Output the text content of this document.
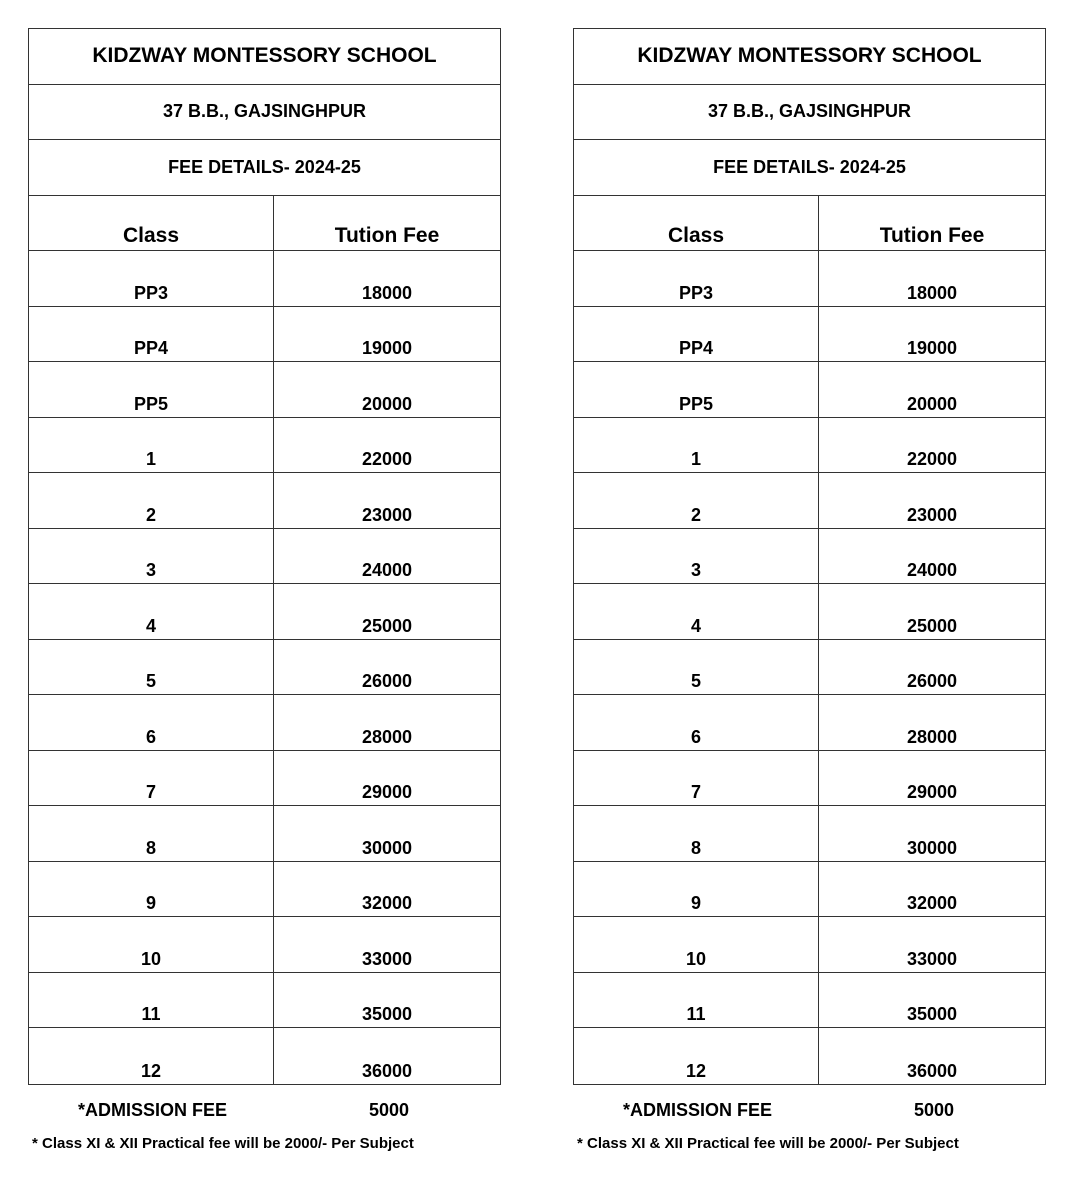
KIDZWAY MONTESSORY SCHOOL
37 B.B., GAJSINGHPUR
FEE DETAILS- 2024-25
Class	Tution Fee
PP3	18000
PP4	19000
PP5	20000
1	22000
2	23000
3	24000
4	25000
5	26000
6	28000
7	29000
8	30000
9	32000
10	33000
11	35000
12	36000
*ADMISSION FEE	5000
* Class XI & XII Practical fee will be 2000/- Per Subject
KIDZWAY MONTESSORY SCHOOL
37 B.B., GAJSINGHPUR
FEE DETAILS- 2024-25
Class	Tution Fee
PP3	18000
PP4	19000
PP5	20000
1	22000
2	23000
3	24000
4	25000
5	26000
6	28000
7	29000
8	30000
9	32000
10	33000
11	35000
12	36000
*ADMISSION FEE	5000
* Class XI & XII Practical fee will be 2000/- Per Subject
